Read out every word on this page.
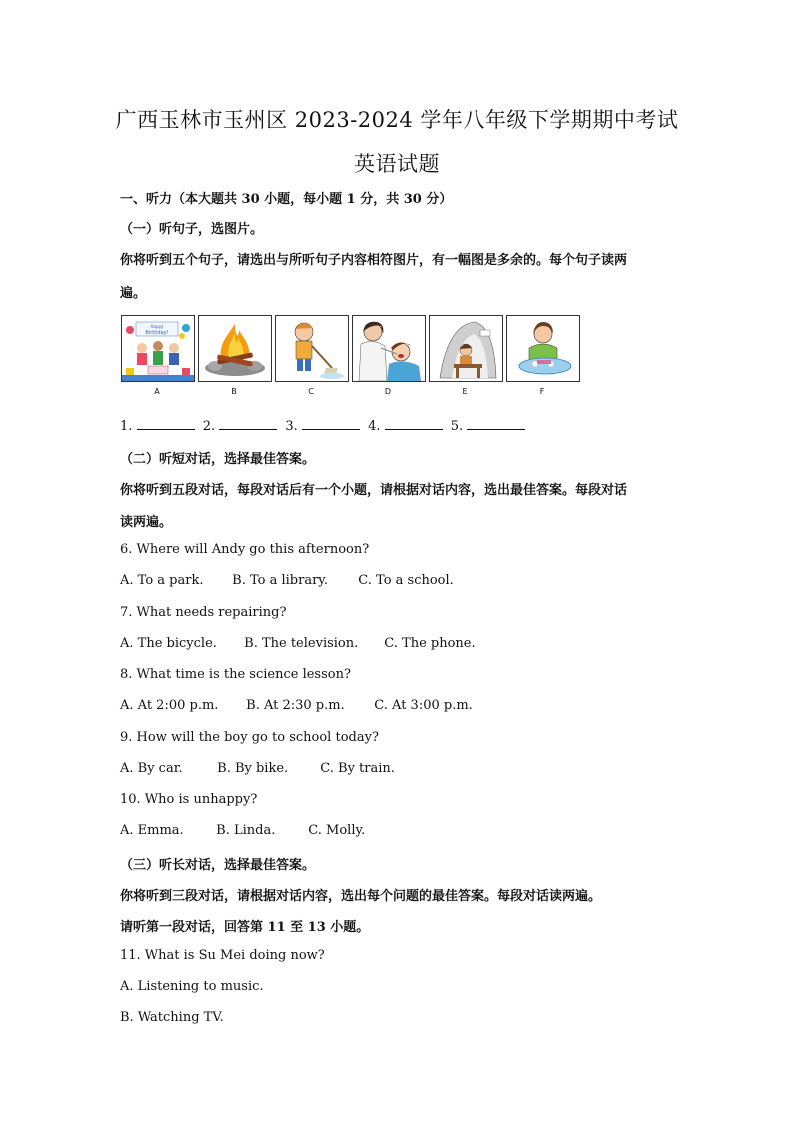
广西玉林市玉州区 2023-2024 学年八年级下学期期中考试
英语试题
一、听力（本大题共 30 小题，每小题 1 分，共 30 分）
（一）听句子，选图片。
你将听到五个句子，请选出与所听句子内容相符图片，有一幅图是多余的。每个句子读两
遍。
Happy
Birthday!
A	B	C	D	E	F
1.	2.	3.	4.	5.
（二）听短对话，选择最佳答案。
你将听到五段对话，每段对话后有一个小题，请根据对话内容，选出最佳答案。每段对话
读两遍。
6. Where will Andy go this afternoon?
A. To a park. B. To a library. C. To a school.
7. What needs repairing?
A. The bicycle. B. The television. C. The phone.
8. What time is the science lesson?
A. At 2:00 p.m. B. At 2:30 p.m. C. At 3:00 p.m.
9. How will the boy go to school today?
A. By car.	B. By bike. C. By train.
10. Who is unhappy?
A. Emma. B. Linda.	C. Molly.
（三）听长对话，选择最佳答案。
你将听到三段对话，请根据对话内容，选出每个问题的最佳答案。每段对话读两遍。
请听第一段对话，回答第 11 至 13 小题。
11. What is Su Mei doing now?
A. Listening to music.
B. Watching TV.
